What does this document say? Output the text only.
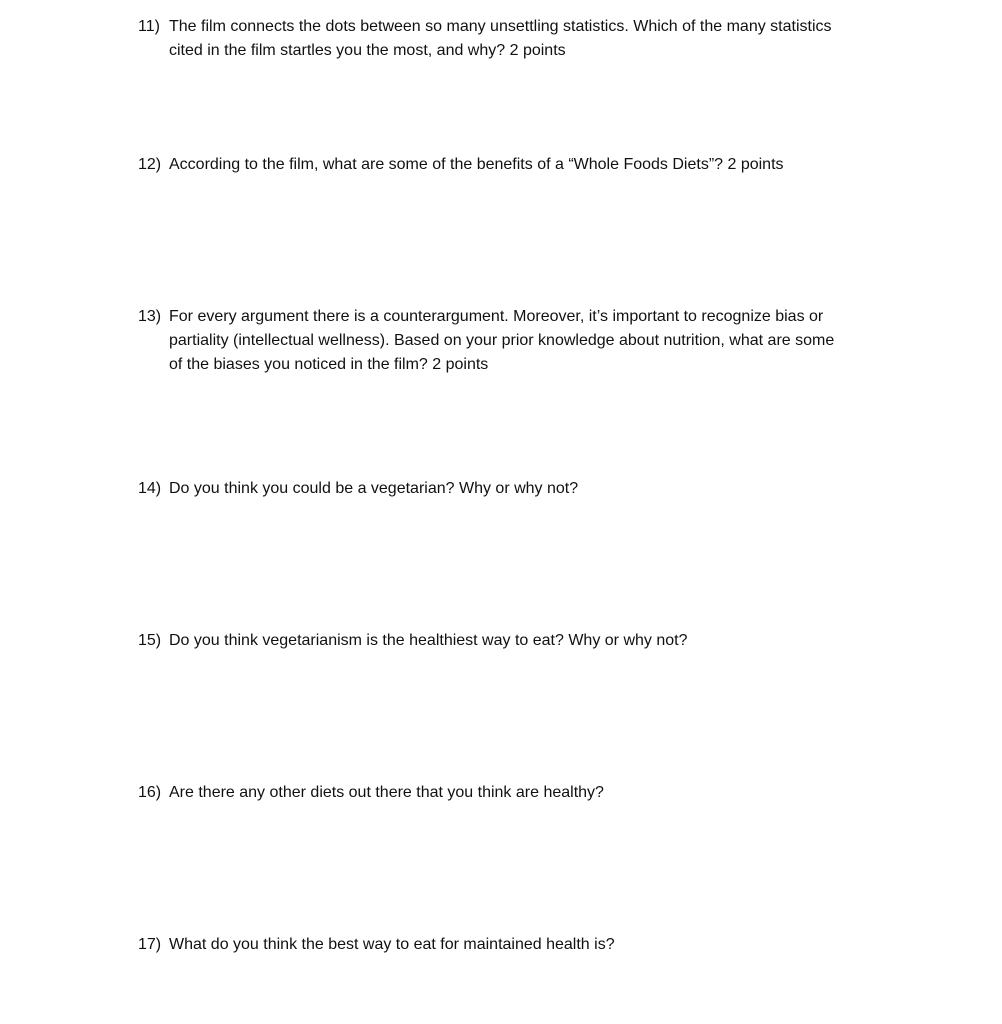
11) The film connects the dots between so many unsettling statistics. Which of the many statistics
cited in the film startles you the most, and why? 2 points
12) According to the film, what are some of the benefits of a “Whole Foods Diets”? 2 points
13) For every argument there is a counterargument. Moreover, it’s important to recognize bias or
partiality (intellectual wellness). Based on your prior knowledge about nutrition, what are some
of the biases you noticed in the film? 2 points
14) Do you think you could be a vegetarian? Why or why not?
15) Do you think vegetarianism is the healthiest way to eat? Why or why not?
16) Are there any other diets out there that you think are healthy?
17) What do you think the best way to eat for maintained health is?
